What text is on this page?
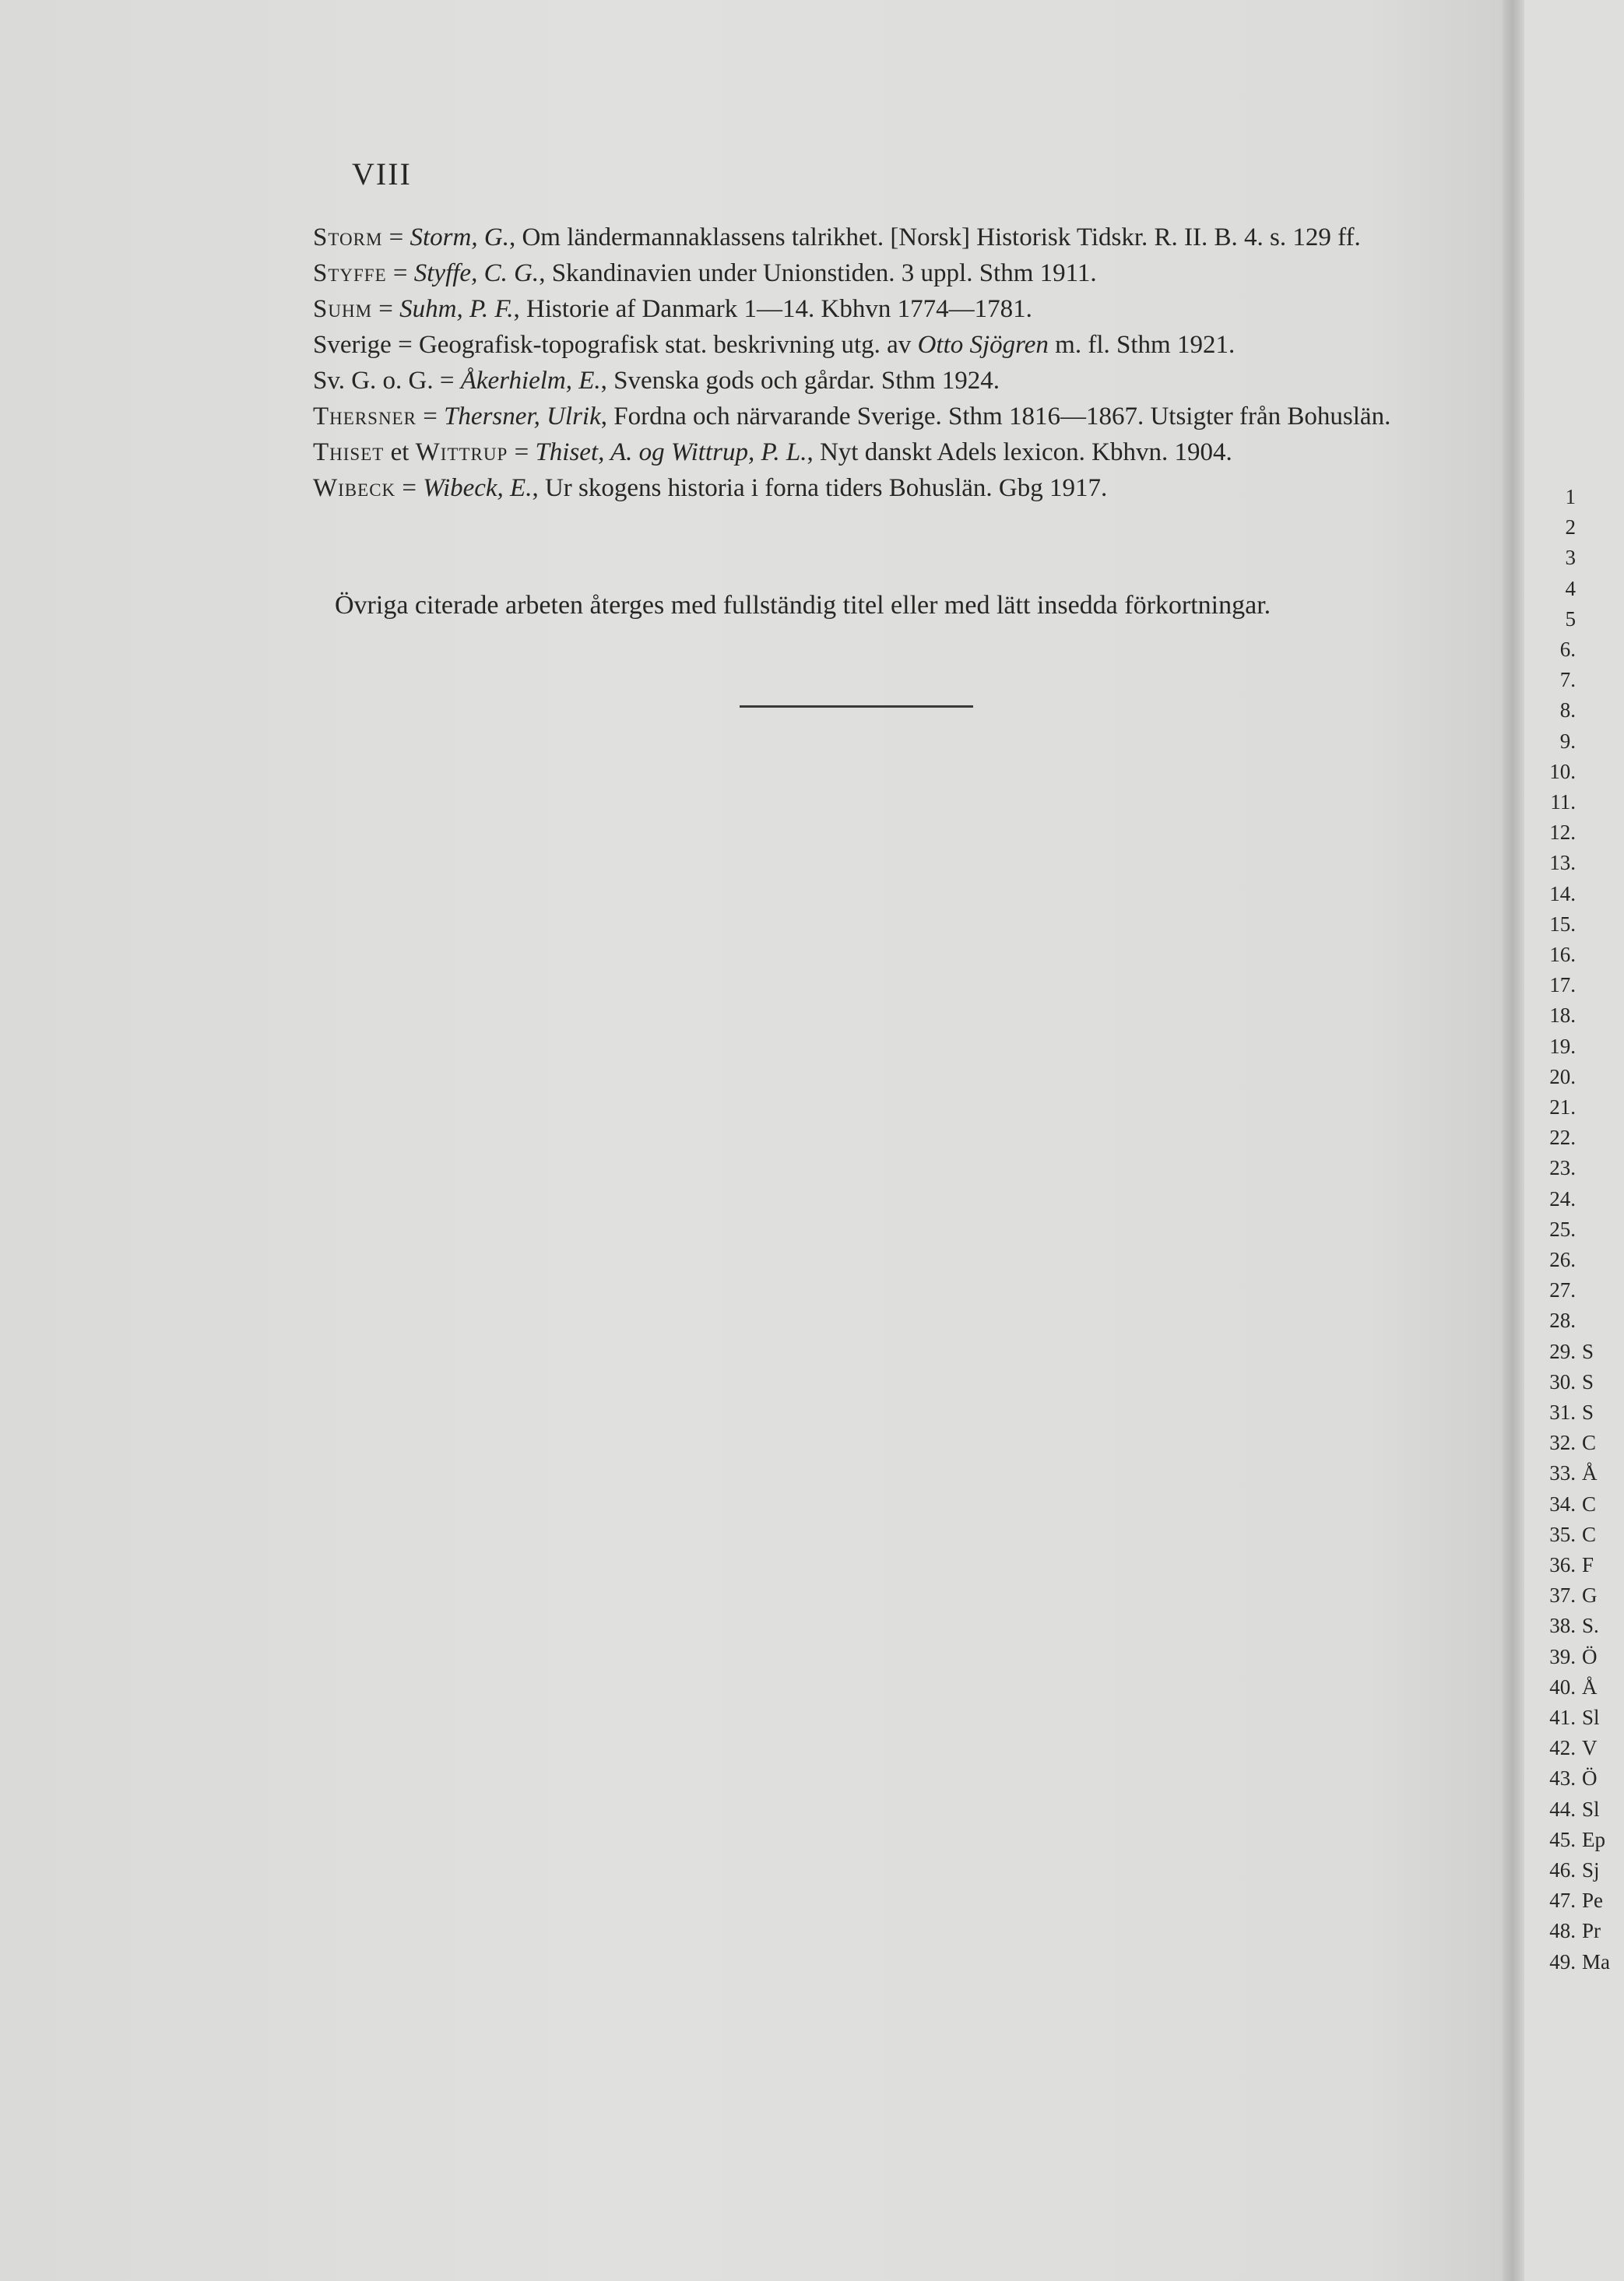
VIII

Storm = Storm, G., Om ländermannaklassens talrikhet. [Norsk] Historisk Tidskr. R. II. B. 4. s. 129 ff.

Styffe = Styffe, C. G., Skandinavien under Unionstiden. 3 uppl. Sthm 1911.

Suhm = Suhm, P. F., Historie af Danmark 1—14. Kbhvn 1774—1781.

Sverige = Geografisk-topografisk stat. beskrivning utg. av Otto Sjögren m. fl. Sthm 1921.

Sv. G. o. G. = Åkerhielm, E., Svenska gods och gårdar. Sthm 1924.

Thersner = Thersner, Ulrik, Fordna och närvarande Sverige. Sthm 1816—1867. Utsigter från Bohuslän.

Thiset et Wittrup = Thiset, A. og Wittrup, P. L., Nyt danskt Adels lexicon. Kbhvn. 1904.

Wibeck = Wibeck, E., Ur skogens historia i forna tiders Bohuslän. Gbg 1917.

Övriga citerade arbeten återges med fullständig titel eller med lätt insedda förkortningar.
1
2
3
4
5
6.
7.
8.
9.
10.
11.
12.
13.
14.
15.
16.
17.
18.
19.
20.
21.
22.
23.
24.
25.
26.
27.
28.
29. S
30. S
31. S
32. C
33. Å
34. C
35. C
36. F
37. G
38. S.
39. Ö
40. Å
41. Sl
42. V
43. Ö
44. Sl
45. Ep
46. Sj
47. Pe
48. Pr
49. Ma
